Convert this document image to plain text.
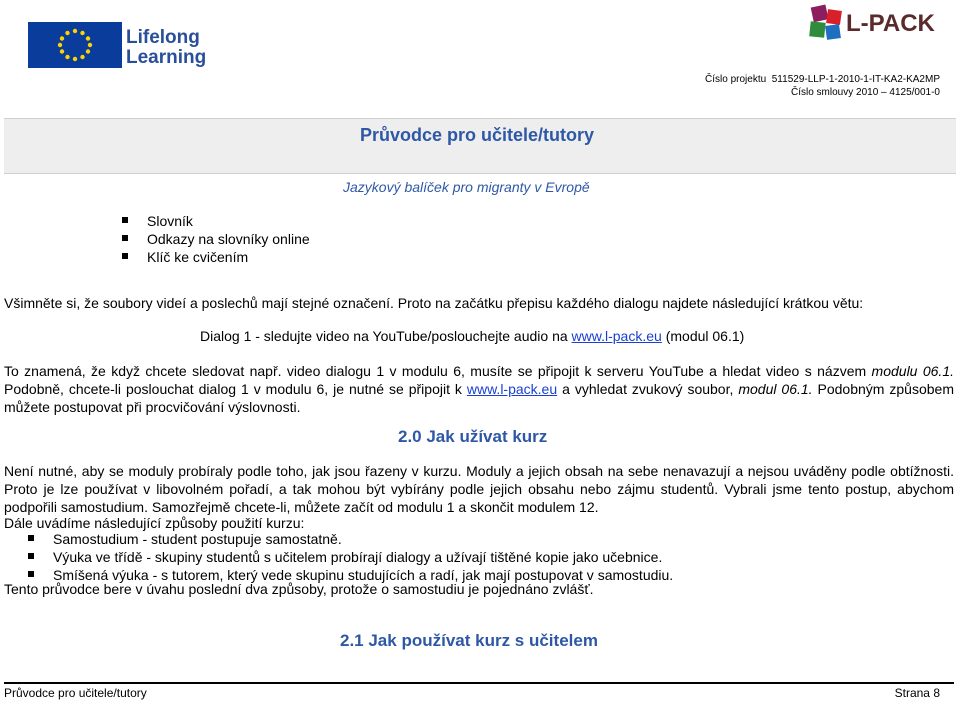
Lifelong
Learning
L-PACK
Číslo projektu 511529-LLP-1-2010-1-IT-KA2-KA2MP
Číslo smlouvy 2010 – 4125/001-0
Průvodce pro učitele/tutory
Jazykový balíček pro migranty v Evropě
Slovník
Odkazy na slovníky online
Klíč ke cvičením
Všimněte si, že soubory videí a poslechů mají stejné označení. Proto na začátku přepisu každého dialogu najdete následující krátkou větu:
Dialog 1 - sledujte video na YouTube/poslouchejte audio na www.l-pack.eu (modul 06.1)
To znamená, že když chcete sledovat např. video dialogu 1 v modulu 6, musíte se připojit k serveru YouTube a hledat video s názvem modulu 06.1. Podobně, chcete-li poslouchat dialog 1 v modulu 6, je nutné se připojit k www.l-pack.eu a vyhledat zvukový soubor, modul 06.1. Podobným způsobem můžete postupovat při procvičování výslovnosti.
2.0 Jak užívat kurz
Není nutné, aby se moduly probíraly podle toho, jak jsou řazeny v kurzu. Moduly a jejich obsah na sebe nenavazují a nejsou uváděny podle obtížnosti. Proto je lze používat v libovolném pořadí, a tak mohou být vybírány podle jejich obsahu nebo zájmu studentů. Vybrali jsme tento postup, abychom podpořili samostudium. Samozřejmě chcete-li, můžete začít od modulu 1 a skončit modulem 12.
Dále uvádíme následující způsoby použití kurzu:
Samostudium - student postupuje samostatně.
Výuka ve třídě - skupiny studentů s učitelem probírají dialogy a užívají tištěné kopie jako učebnice.
Smíšená výuka - s tutorem, který vede skupinu studujících a radí, jak mají postupovat v samostudiu.
Tento průvodce bere v úvahu poslední dva způsoby, protože o samostudiu je pojednáno zvlášť.
2.1 Jak používat kurz s učitelem
Průvodce pro učitele/tutory	Strana 8
